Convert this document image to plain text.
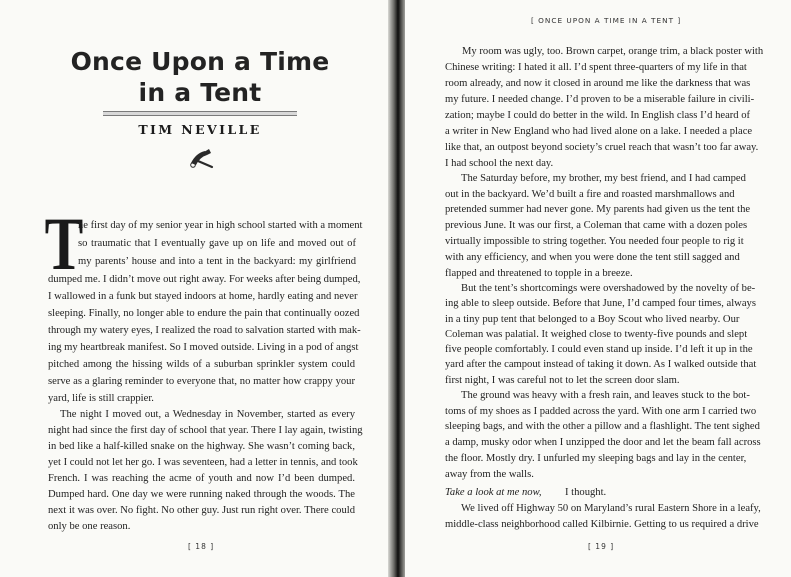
Once Upon a Time
in a Tent
TIM NEVILLE
T
he first day of my senior year in high school started with a moment
so traumatic that I eventually gave up on life and moved out of
my parents’ house and into a tent in the backyard: my girlfriend
dumped me. I didn’t move out right away. For weeks after being dumped,
I wallowed in a funk but stayed indoors at home, hardly eating and never
sleeping. Finally, no longer able to endure the pain that continually oozed
through my watery eyes, I realized the road to salvation started with mak-
ing my heartbreak manifest. So I moved outside. Living in a pod of angst
pitched among the hissing wilds of a suburban sprinkler system could
serve as a glaring reminder to everyone that, no matter how crappy your
yard, life is still crappier.
The night I moved out, a Wednesday in November, started as every
night had since the first day of school that year. There I lay again, twisting
in bed like a half-killed snake on the highway. She wasn’t coming back,
yet I could not let her go. I was seventeen, had a letter in tennis, and took
French. I was reaching the acme of youth and now I’d been dumped.
Dumped hard. One day we were running naked through the woods. The
next it was over. No fight. No other guy. Just run right over. There could
only be one reason.
[ 18 ]
[ ONCE UPON A TIME IN A TENT ]
My room was ugly, too. Brown carpet, orange trim, a black poster with
Chinese writing: I hated it all. I’d spent three-quarters of my life in that
room already, and now it closed in around me like the darkness that was
my future. I needed change. I’d proven to be a miserable failure in civili-
zation; maybe I could do better in the wild. In English class I’d heard of
a writer in New England who had lived alone on a lake. I needed a place
like that, an outpost beyond society’s cruel reach that wasn’t too far away.
I had school the next day.
The Saturday before, my brother, my best friend, and I had camped
out in the backyard. We’d built a fire and roasted marshmallows and
pretended summer had never gone. My parents had given us the tent the
previous June. It was our first, a Coleman that came with a dozen poles
virtually impossible to string together. You needed four people to rig it
with any efficiency, and when you were done the tent still sagged and
flapped and threatened to topple in a breeze.
But the tent’s shortcomings were overshadowed by the novelty of be-
ing able to sleep outside. Before that June, I’d camped four times, always
in a tiny pup tent that belonged to a Boy Scout who lived nearby. Our
Coleman was palatial. It weighed close to twenty-five pounds and slept
five people comfortably. I could even stand up inside. I’d left it up in the
yard after the campout instead of taking it down. As I walked outside that
first night, I was careful not to let the screen door slam.
The ground was heavy with a fresh rain, and leaves stuck to the bot-
toms of my shoes as I padded across the yard. With one arm I carried two
sleeping bags, and with the other a pillow and a flashlight. The tent sighed
a damp, musky odor when I unzipped the door and let the beam fall across
the floor. Mostly dry. I unfurled my sleeping bags and lay in the center,
away from the walls.
Take a look at me now, I thought.
We lived off Highway 50 on Maryland’s rural Eastern Shore in a leafy,
middle-class neighborhood called Kilbirnie. Getting to us required a drive
[ 19 ]
